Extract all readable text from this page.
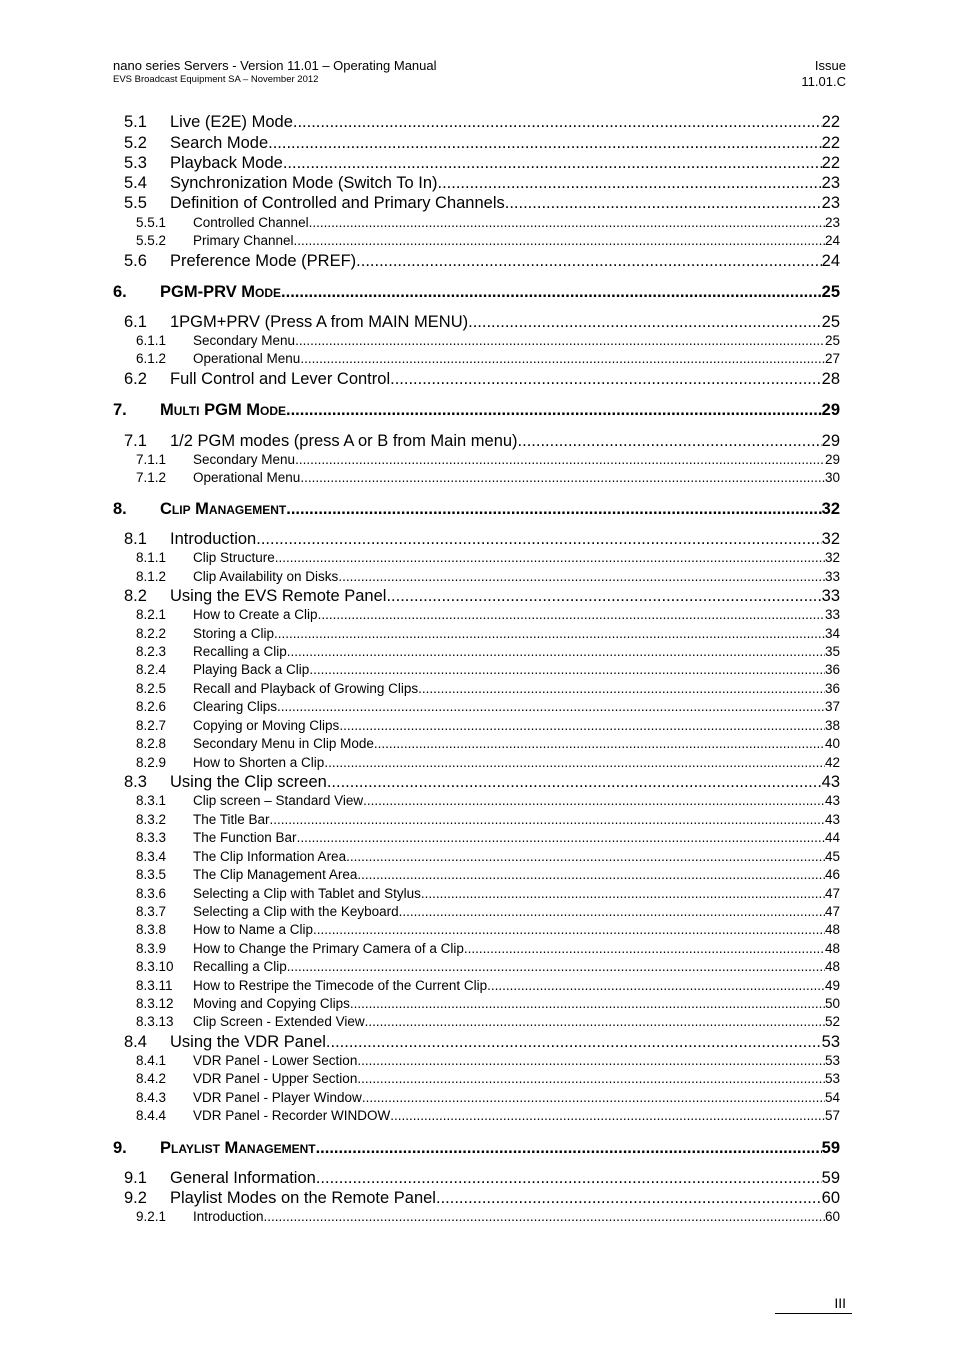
nano series Servers - Version 11.01 – Operating Manual
EVS Broadcast Equipment SA – November 2012
Issue
11.01.C
5.1 Live (E2E) Mode .....	22
5.2 Search Mode .....	22
5.3 Playback Mode .....	22
5.4 Synchronization Mode (Switch To In) .....	23
5.5 Definition of Controlled and Primary Channels .....	23
5.5.1 Controlled Channel .....	23
5.5.2 Primary Channel .....	24
5.6 Preference Mode (PREF) .....	24
6. PGM-PRV Mode .....	25
6.1 1PGM+PRV (Press A from MAIN MENU) .....	25
6.1.1 Secondary Menu .....	25
6.1.2 Operational Menu .....	27
6.2 Full Control and Lever Control .....	28
7. Multi PGM Mode .....	29
7.1 1/2 PGM modes (press A or B from Main menu) .....	29
7.1.1 Secondary Menu .....	29
7.1.2 Operational Menu .....	30
8. Clip Management .....	32
8.1 Introduction .....	32
8.1.1 Clip Structure .....	32
8.1.2 Clip Availability on Disks .....	33
8.2 Using the EVS Remote Panel .....	33
8.2.1 How to Create a Clip .....	33
8.2.2 Storing a Clip .....	34
8.2.3 Recalling a Clip .....	35
8.2.4 Playing Back a Clip .....	36
8.2.5 Recall and Playback of Growing Clips .....	36
8.2.6 Clearing Clips .....	37
8.2.7 Copying or Moving Clips .....	38
8.2.8 Secondary Menu in Clip Mode .....	40
8.2.9 How to Shorten a Clip .....	42
8.3 Using the Clip screen .....	43
8.3.1 Clip screen – Standard View .....	43
8.3.2 The Title Bar .....	43
8.3.3 The Function Bar .....	44
8.3.4 The Clip Information Area .....	45
8.3.5 The Clip Management Area .....	46
8.3.6 Selecting a Clip with Tablet and Stylus .....	47
8.3.7 Selecting a Clip with the Keyboard .....	47
8.3.8 How to Name a Clip .....	48
8.3.9 How to Change the Primary Camera of a Clip .....	48
8.3.10 Recalling a Clip .....	48
8.3.11 How to Restripe the Timecode of the Current Clip .....	49
8.3.12 Moving and Copying Clips .....	50
8.3.13 Clip Screen - Extended View .....	52
8.4 Using the VDR Panel .....	53
8.4.1 VDR Panel - Lower Section .....	53
8.4.2 VDR Panel - Upper Section .....	53
8.4.3 VDR Panel - Player Window .....	54
8.4.4 VDR Panel - Recorder WINDOW .....	57
9. Playlist Management .....	59
9.1 General Information .....	59
9.2 Playlist Modes on the Remote Panel .....	60
9.2.1 Introduction .....	60
III
